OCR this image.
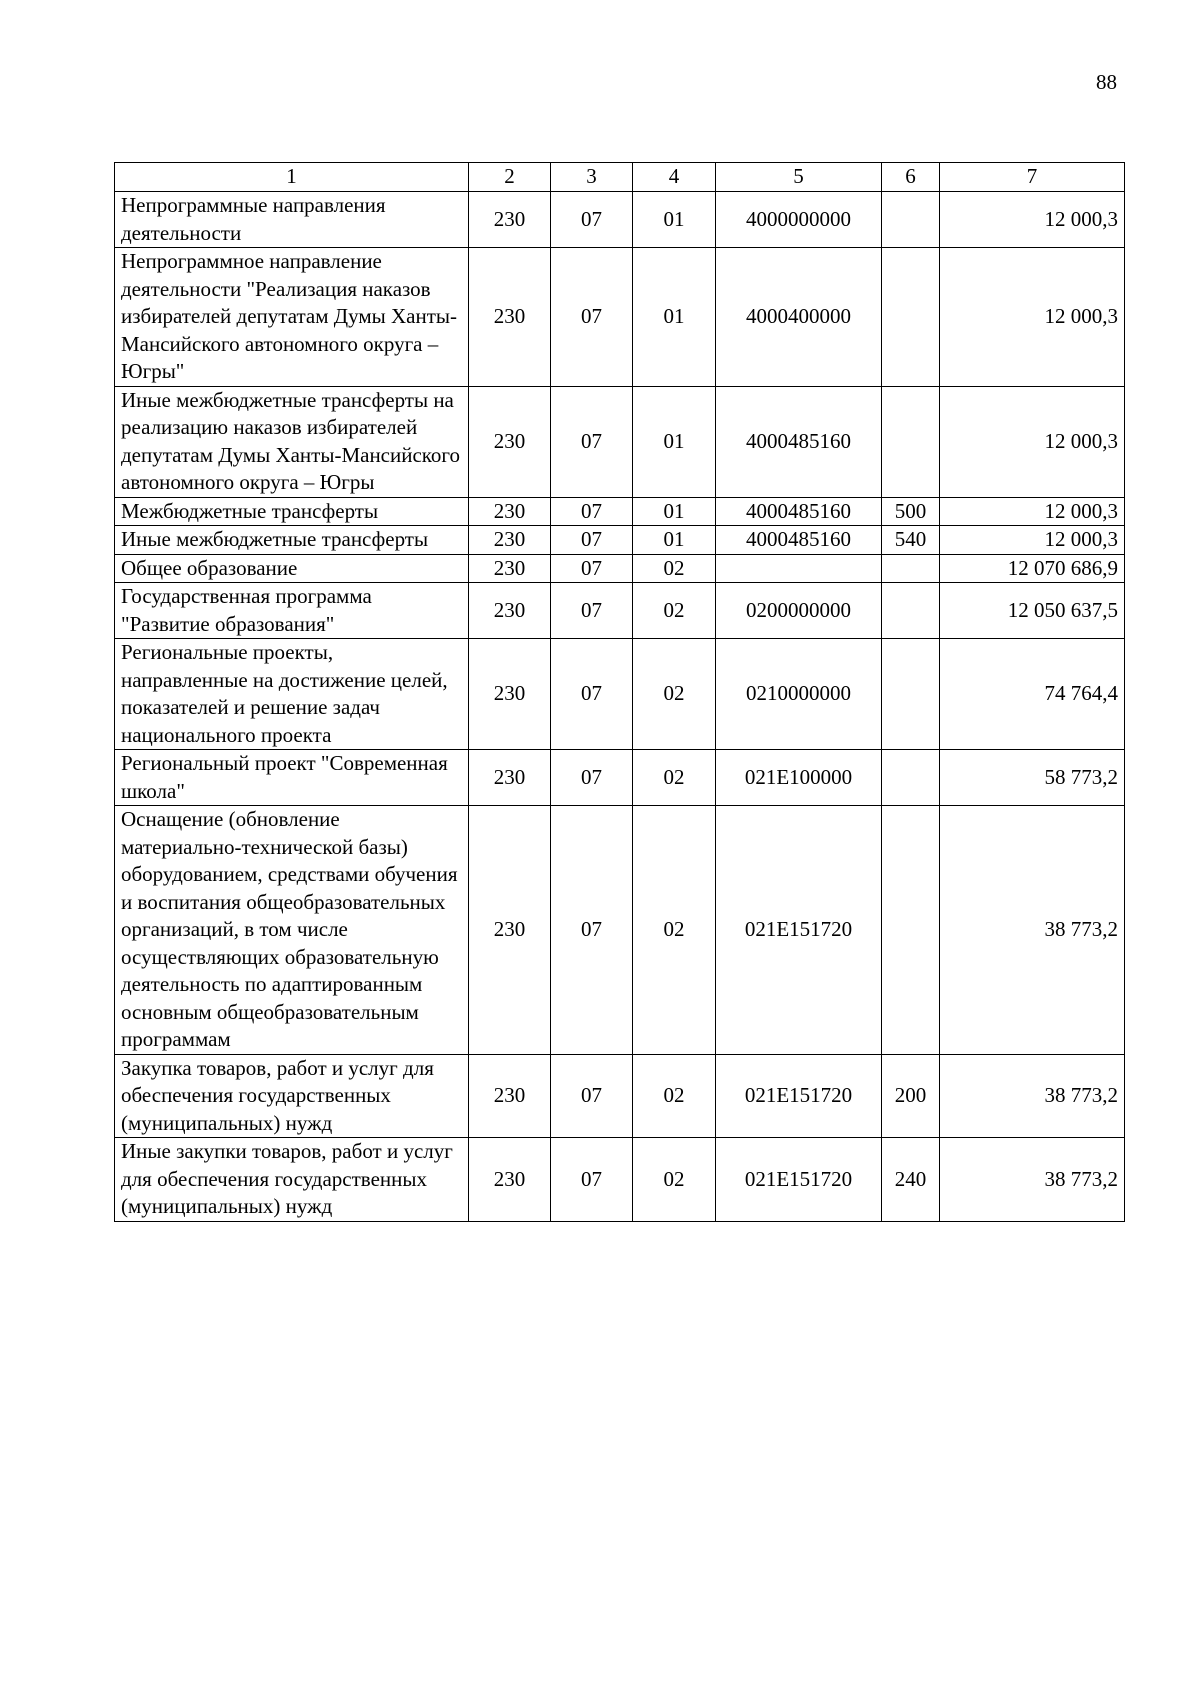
88
1	2	3	4	5	6	7
Непрограммные направления деятельности	230	07	01	4000000000		12 000,3
Непрограммное направление деятельности "Реализация наказов избирателей депутатам Думы Ханты-Мансийского автономного округа – Югры"	230	07	01	4000400000		12 000,3
Иные межбюджетные трансферты на реализацию наказов избирателей депутатам Думы Ханты-Мансийского автономного округа – Югры	230	07	01	4000485160		12 000,3
Межбюджетные трансферты	230	07	01	4000485160	500	12 000,3
Иные межбюджетные трансферты	230	07	01	4000485160	540	12 000,3
Общее образование	230	07	02			12 070 686,9
Государственная программа "Развитие образования"	230	07	02	0200000000		12 050 637,5
Региональные проекты, направленные на достижение целей, показателей и решение задач национального проекта	230	07	02	0210000000		74 764,4
Региональный проект "Современная школа"	230	07	02	021E100000		58 773,2
Оснащение (обновление материально-технической базы) оборудованием, средствами обучения и воспитания общеобразовательных организаций, в том числе осуществляющих образовательную деятельность по адаптированным основным общеобразовательным программам	230	07	02	021E151720		38 773,2
Закупка товаров, работ и услуг для обеспечения государственных (муниципальных) нужд	230	07	02	021E151720	200	38 773,2
Иные закупки товаров, работ и услуг для обеспечения государственных (муниципальных) нужд	230	07	02	021E151720	240	38 773,2
